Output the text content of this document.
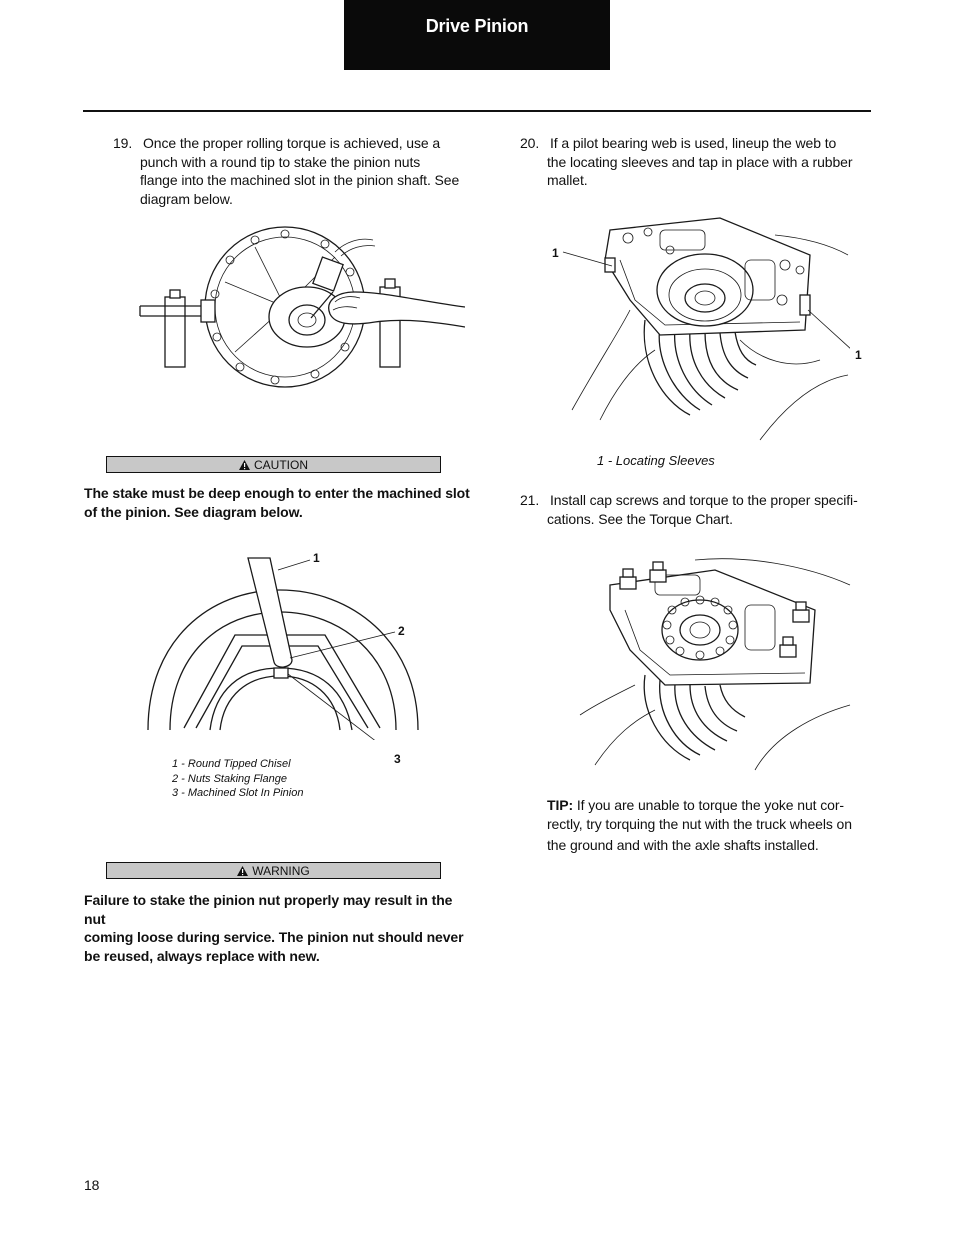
Drive Pinion
19. Once the proper rolling torque is achieved, use a
punch with a round tip to stake the pinion nuts
flange into the machined slot in the pinion shaft. See
diagram below.
CAUTION
The stake must be deep enough to enter the machined slot
of the pinion. See diagram below.
1
2
3
1 - Round Tipped Chisel
2 - Nuts Staking Flange
3 - Machined Slot In Pinion
WARNING
Failure to stake the pinion nut properly may result in the nut
coming loose during service. The pinion nut should never
be reused, always replace with new.
20. If a pilot bearing web is used, lineup the web to
the locating sleeves and tap in place with a rubber
mallet.
1
1
1 - Locating Sleeves
21. Install cap screws and torque to the proper specifi-
cations. See the Torque Chart.
TIP: If you are unable to torque the yoke nut cor-
rectly, try torquing the nut with the truck wheels on
the ground and with the axle shafts installed.
18
